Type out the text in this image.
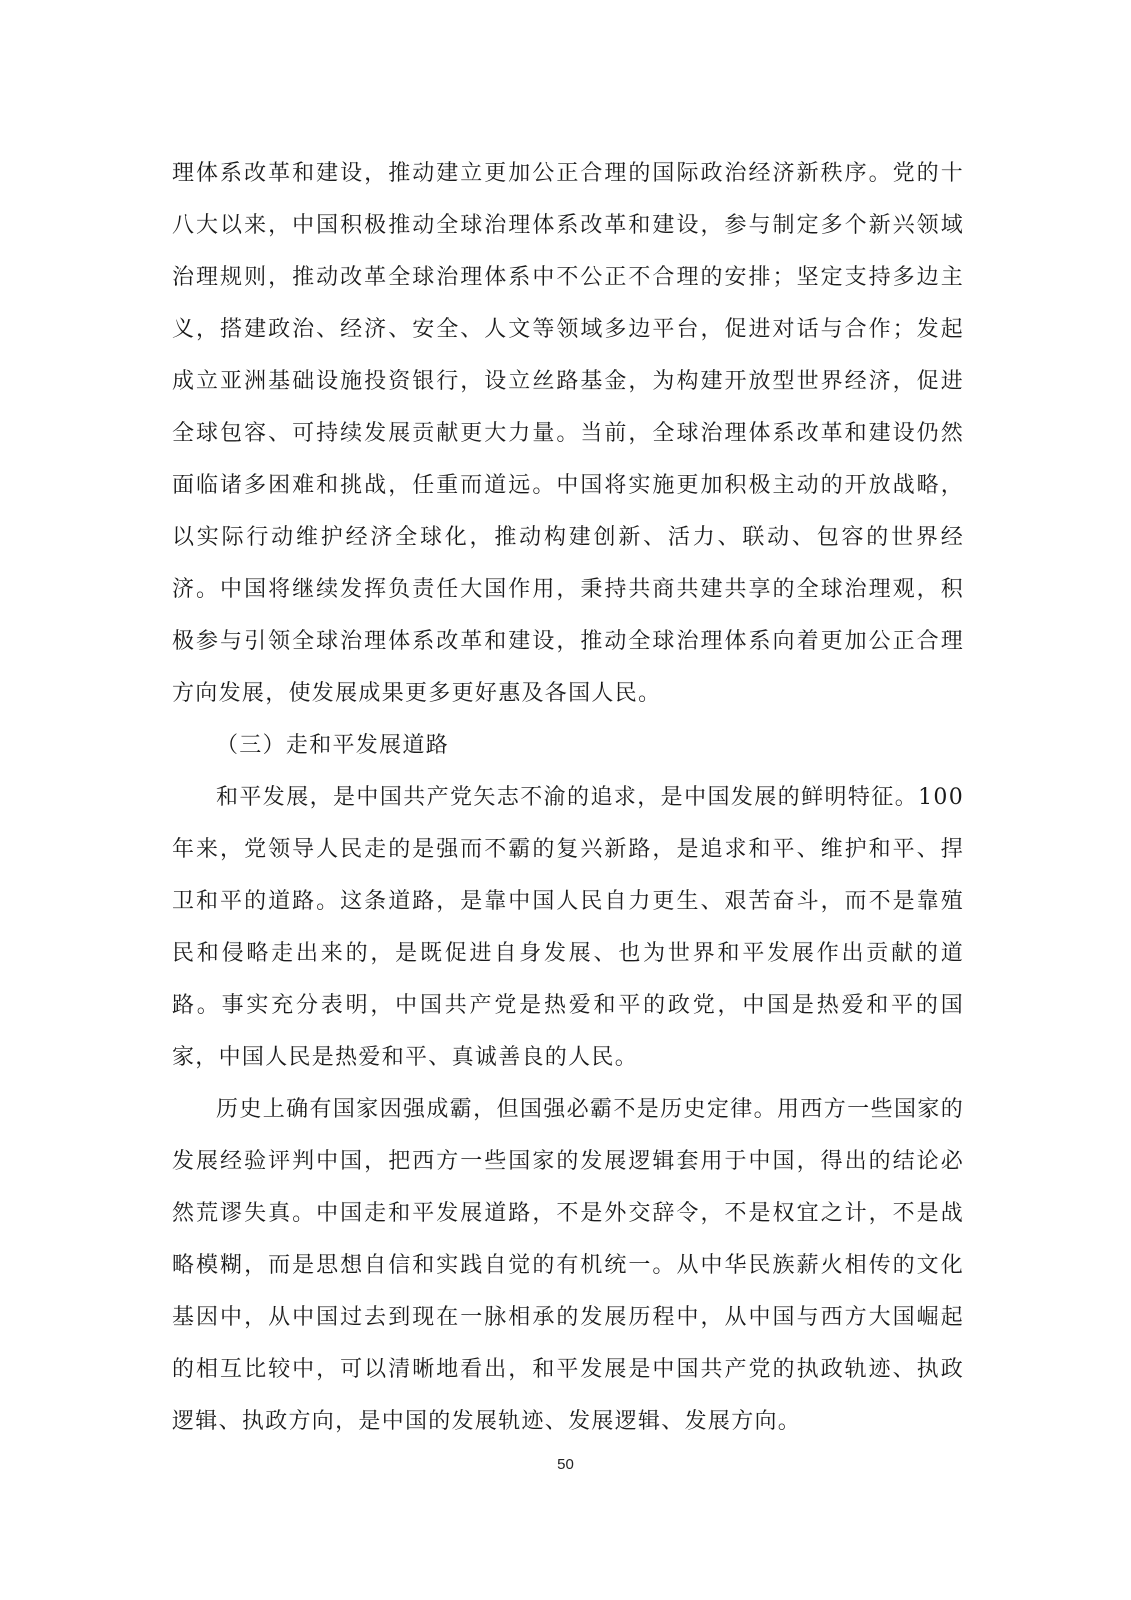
理体系改革和建设，推动建立更加公正合理的国际政治经济新秩序。党的十八大以来，中国积极推动全球治理体系改革和建设，参与制定多个新兴领域治理规则，推动改革全球治理体系中不公正不合理的安排；坚定支持多边主义，搭建政治、经济、安全、人文等领域多边平台，促进对话与合作；发起成立亚洲基础设施投资银行，设立丝路基金，为构建开放型世界经济，促进全球包容、可持续发展贡献更大力量。当前，全球治理体系改革和建设仍然面临诸多困难和挑战，任重而道远。中国将实施更加积极主动的开放战略，以实际行动维护经济全球化，推动构建创新、活力、联动、包容的世界经济。中国将继续发挥负责任大国作用，秉持共商共建共享的全球治理观，积极参与引领全球治理体系改革和建设，推动全球治理体系向着更加公正合理方向发展，使发展成果更多更好惠及各国人民。

（三）走和平发展道路

和平发展，是中国共产党矢志不渝的追求，是中国发展的鲜明特征。100年来，党领导人民走的是强而不霸的复兴新路，是追求和平、维护和平、捍卫和平的道路。这条道路，是靠中国人民自力更生、艰苦奋斗，而不是靠殖民和侵略走出来的，是既促进自身发展、也为世界和平发展作出贡献的道路。事实充分表明，中国共产党是热爱和平的政党，中国是热爱和平的国家，中国人民是热爱和平、真诚善良的人民。

历史上确有国家因强成霸，但国强必霸不是历史定律。用西方一些国家的发展经验评判中国，把西方一些国家的发展逻辑套用于中国，得出的结论必然荒谬失真。中国走和平发展道路，不是外交辞令，不是权宜之计，不是战略模糊，而是思想自信和实践自觉的有机统一。从中华民族薪火相传的文化基因中，从中国过去到现在一脉相承的发展历程中，从中国与西方大国崛起的相互比较中，可以清晰地看出，和平发展是中国共产党的执政轨迹、执政逻辑、执政方向，是中国的发展轨迹、发展逻辑、发展方向。

50
